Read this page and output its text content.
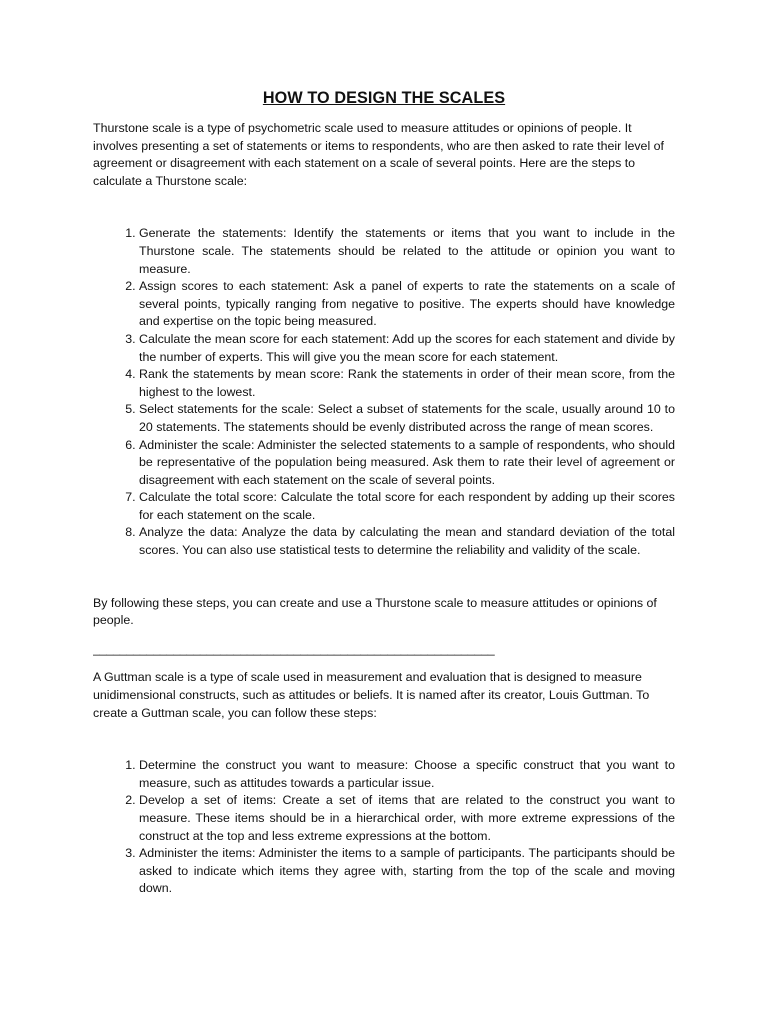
HOW TO DESIGN THE SCALES

Thurstone scale is a type of psychometric scale used to measure attitudes or opinions of people. It involves presenting a set of statements or items to respondents, who are then asked to rate their level of agreement or disagreement with each statement on a scale of several points. Here are the steps to calculate a Thurstone scale:

1. Generate the statements: Identify the statements or items that you want to include in the Thurstone scale. The statements should be related to the attitude or opinion you want to measure.
2. Assign scores to each statement: Ask a panel of experts to rate the statements on a scale of several points, typically ranging from negative to positive. The experts should have knowledge and expertise on the topic being measured.
3. Calculate the mean score for each statement: Add up the scores for each statement and divide by the number of experts. This will give you the mean score for each statement.
4. Rank the statements by mean score: Rank the statements in order of their mean score, from the highest to the lowest.
5. Select statements for the scale: Select a subset of statements for the scale, usually around 10 to 20 statements. The statements should be evenly distributed across the range of mean scores.
6. Administer the scale: Administer the selected statements to a sample of respondents, who should be representative of the population being measured. Ask them to rate their level of agreement or disagreement with each statement on the scale of several points.
7. Calculate the total score: Calculate the total score for each respondent by adding up their scores for each statement on the scale.
8. Analyze the data: Analyze the data by calculating the mean and standard deviation of the total scores. You can also use statistical tests to determine the reliability and validity of the scale.

By following these steps, you can create and use a Thurstone scale to measure attitudes or opinions of people.

____________________________________________________________

A Guttman scale is a type of scale used in measurement and evaluation that is designed to measure unidimensional constructs, such as attitudes or beliefs. It is named after its creator, Louis Guttman. To create a Guttman scale, you can follow these steps:

1. Determine the construct you want to measure: Choose a specific construct that you want to measure, such as attitudes towards a particular issue.
2. Develop a set of items: Create a set of items that are related to the construct you want to measure. These items should be in a hierarchical order, with more extreme expressions of the construct at the top and less extreme expressions at the bottom.
3. Administer the items: Administer the items to a sample of participants. The participants should be asked to indicate which items they agree with, starting from the top of the scale and moving down.
